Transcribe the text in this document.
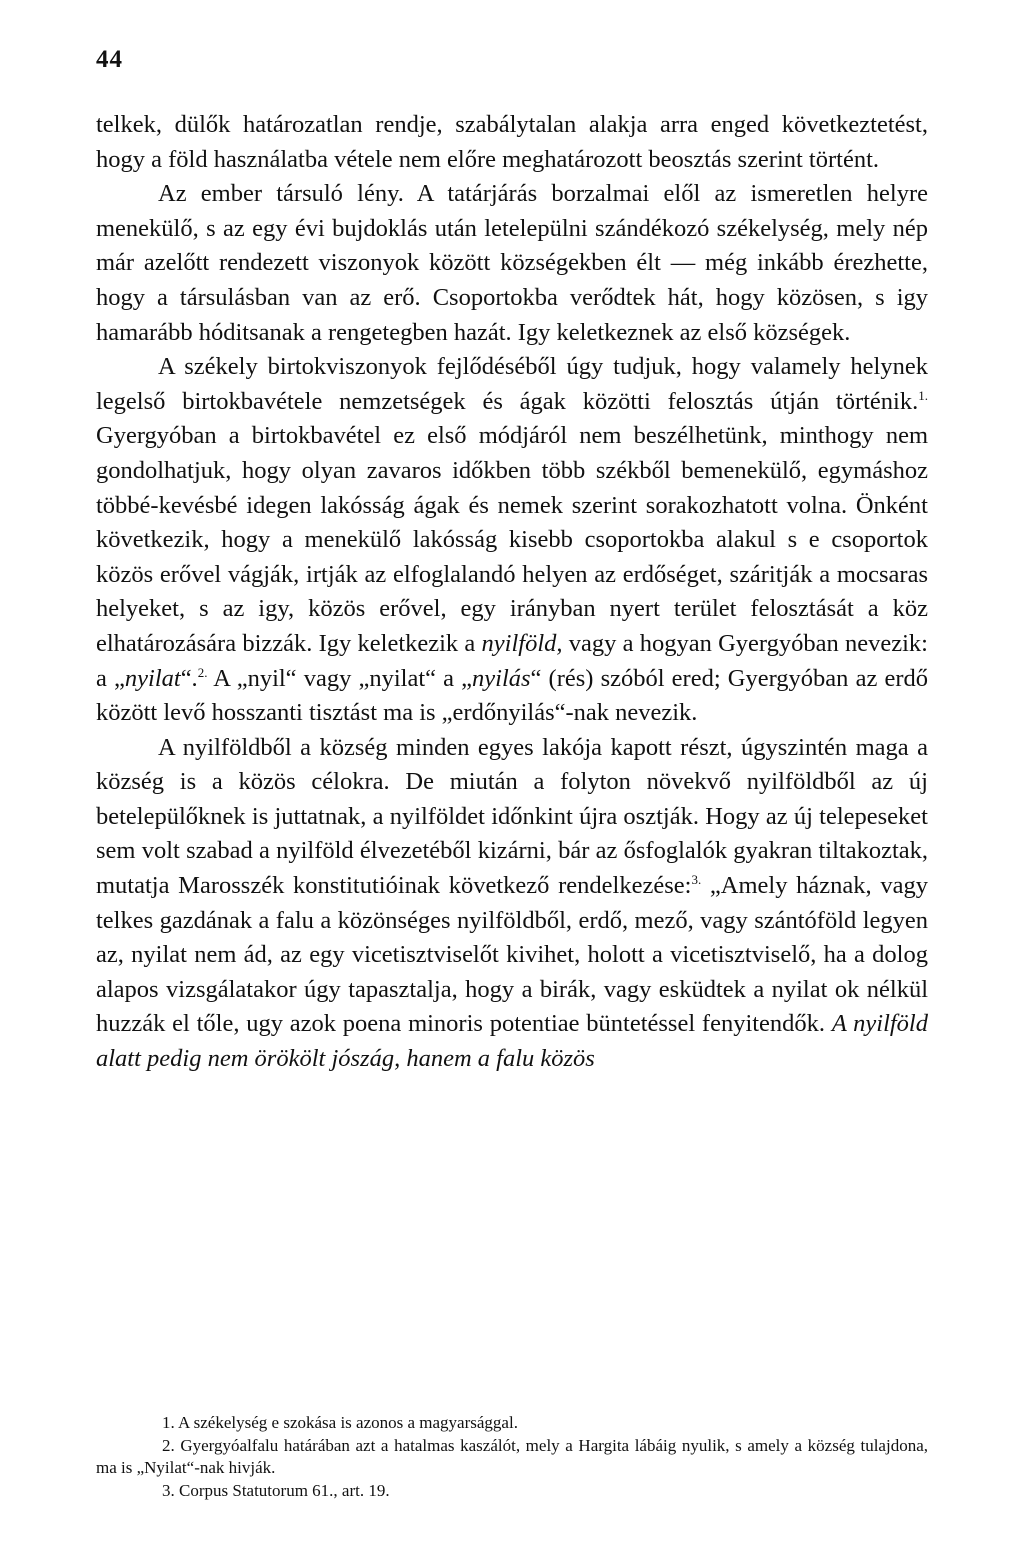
44

telkek, dülők határozatlan rendje, szabálytalan alakja arra enged következtetést, hogy a föld használatba vétele nem előre meghatározott beosztás szerint történt.

Az ember társuló lény. A tatárjárás borzalmai elől az ismeretlen helyre menekülő, s az egy évi bujdoklás után letelepülni szándékozó székelység, mely nép már azelőtt rendezett viszonyok között községekben élt — még inkább érezhette, hogy a társulásban van az erő. Csoportokba verődtek hát, hogy közösen, s igy hamarább hóditsanak a rengetegben hazát. Igy keletkeznek az első községek.

A székely birtokviszonyok fejlődéséből úgy tudjuk, hogy valamely helynek legelső birtokbavétele nemzetségek és ágak közötti felosztás útján történik.$^{1.}$ Gyergyóban a birtokbavétel ez első módjáról nem beszélhetünk, minthogy nem gondolhatjuk, hogy olyan zavaros időkben több székből bemenekülő, egymáshoz többé-kevésbé idegen lakósság ágak és nemek szerint sorakozhatott volna. Önként következik, hogy a menekülő lakósság kisebb csoportokba alakul s e csoportok közös erővel vágják, irtják az elfoglalandó helyen az erdőséget, száritják a mocsaras helyeket, s az igy, közös erővel, egy irányban nyert terület felosztását a köz elhatározására bizzák. Igy keletkezik a nyilföld, vagy a hogyan Gyergyóban nevezik: a „nyilat“.$^{2.}$ A „nyil“ vagy „nyilat“ a „nyilás“ (rés) szóból ered; Gyergyóban az erdő között levő hosszanti tisztást ma is „erdőnyilás“-nak nevezik.

A nyilföldből a község minden egyes lakója kapott részt, úgyszintén maga a község is a közös célokra. De miután a folyton növekvő nyilföldből az új betelepülőknek is juttatnak, a nyilföldet időnkint újra osztják. Hogy az új telepeseket sem volt szabad a nyilföld élvezetéből kizárni, bár az ősfoglalók gyakran tiltakoztak, mutatja Marosszék konstitutióinak következő rendelkezése:$^{3.}$ „Amely háznak, vagy telkes gazdának a falu a közönséges nyilföldből, erdő, mező, vagy szántóföld legyen az, nyilat nem ád, az egy vicetisztviselőt kivihet, holott a vicetisztviselő, ha a dolog alapos vizsgálatakor úgy tapasztalja, hogy a birák, vagy esküdtek a nyilat ok nélkül huzzák el tőle, ugy azok poena minoris potentiae büntetéssel fenyitendők. A nyilföld alatt pedig nem örökölt jószág, hanem a falu közös

1. A székelység e szokása is azonos a magyarsággal.

2. Gyergyóalfalu határában azt a hatalmas kaszálót, mely a Hargita lábáig nyulik, s amely a község tulajdona, ma is „Nyilat“-nak hivják.

3. Corpus Statutorum 61., art. 19.
